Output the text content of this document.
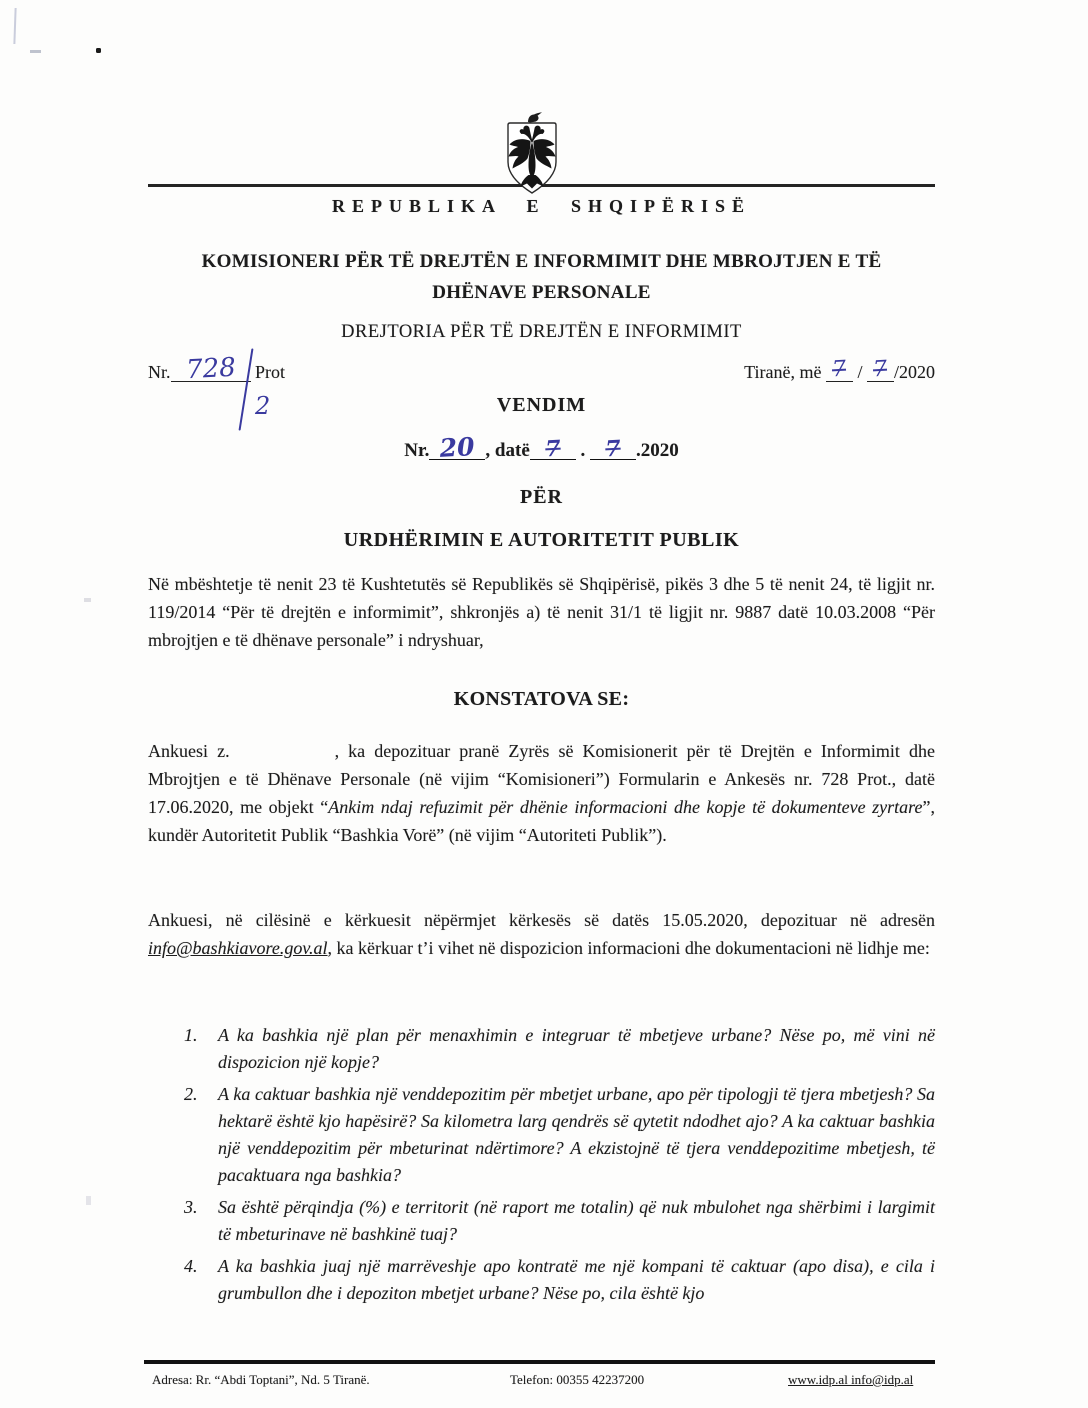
REPUBLIKA E SHQIPËRISË
KOMISIONERI PËR TË DREJTËN E INFORMIMIT DHE MBROJTJEN E TË
DHËNAVE PERSONALE
DREJTORIA PËR TË DREJTËN E INFORMIMIT
Nr. 728 Prot
2
Tiranë, më 7 / 7 /2020
VENDIM
Nr. 20 , datë 7 . 7 .2020
PËR
URDHËRIMIN E AUTORITETIT PUBLIK
Në mbështetje të nenit 23 të Kushtetutës së Republikës së Shqipërisë, pikës 3 dhe 5 të nenit 24, të ligjit nr. 119/2014 “Për të drejtën e informimit”, shkronjës a) të nenit 31/1 të ligjit nr. 9887 datë 10.03.2008 “Për mbrojtjen e të dhënave personale” i ndryshuar,
KONSTATOVA SE:
Ankuesi z.	, ka depozituar pranë Zyrës së Komisionerit për të Drejtën e Informimit dhe Mbrojtjen e të Dhënave Personale (në vijim “Komisioneri”) Formularin e Ankesës nr. 728 Prot., datë 17.06.2020, me objekt “Ankim ndaj refuzimit për dhënie informacioni dhe kopje të dokumenteve zyrtare”, kundër Autoritetit Publik “Bashkia Vorë” (në vijim “Autoriteti Publik”).
Ankuesi, në cilësinë e kërkuesit nëpërmjet kërkesës së datës 15.05.2020, depozituar në adresën info@bashkiavore.gov.al, ka kërkuar t’i vihet në dispozicion informacioni dhe dokumentacioni në lidhje me:
1. A ka bashkia një plan për menaxhimin e integruar të mbetjeve urbane? Nëse po, më vini në dispozicion një kopje?
2. A ka caktuar bashkia një venddepozitim për mbetjet urbane, apo për tipologji të tjera mbetjesh? Sa hektarë është kjo hapësirë? Sa kilometra larg qendrës së qytetit ndodhet ajo? A ka caktuar bashkia një venddepozitim për mbeturinat ndërtimore? A ekzistojnë të tjera venddepozitime mbetjesh, të pacaktuara nga bashkia?
3. Sa është përqindja (%) e territorit (në raport me totalin) që nuk mbulohet nga shërbimi i largimit të mbeturinave në bashkinë tuaj?
4. A ka bashkia juaj një marrëveshje apo kontratë me një kompani të caktuar (apo disa), e cila i grumbullon dhe i depoziton mbetjet urbane? Nëse po, cila është kjo
Adresa: Rr. “Abdi Toptani”, Nd. 5 Tiranë.	Telefon: 00355 42237200	www.idp.al info@idp.al
